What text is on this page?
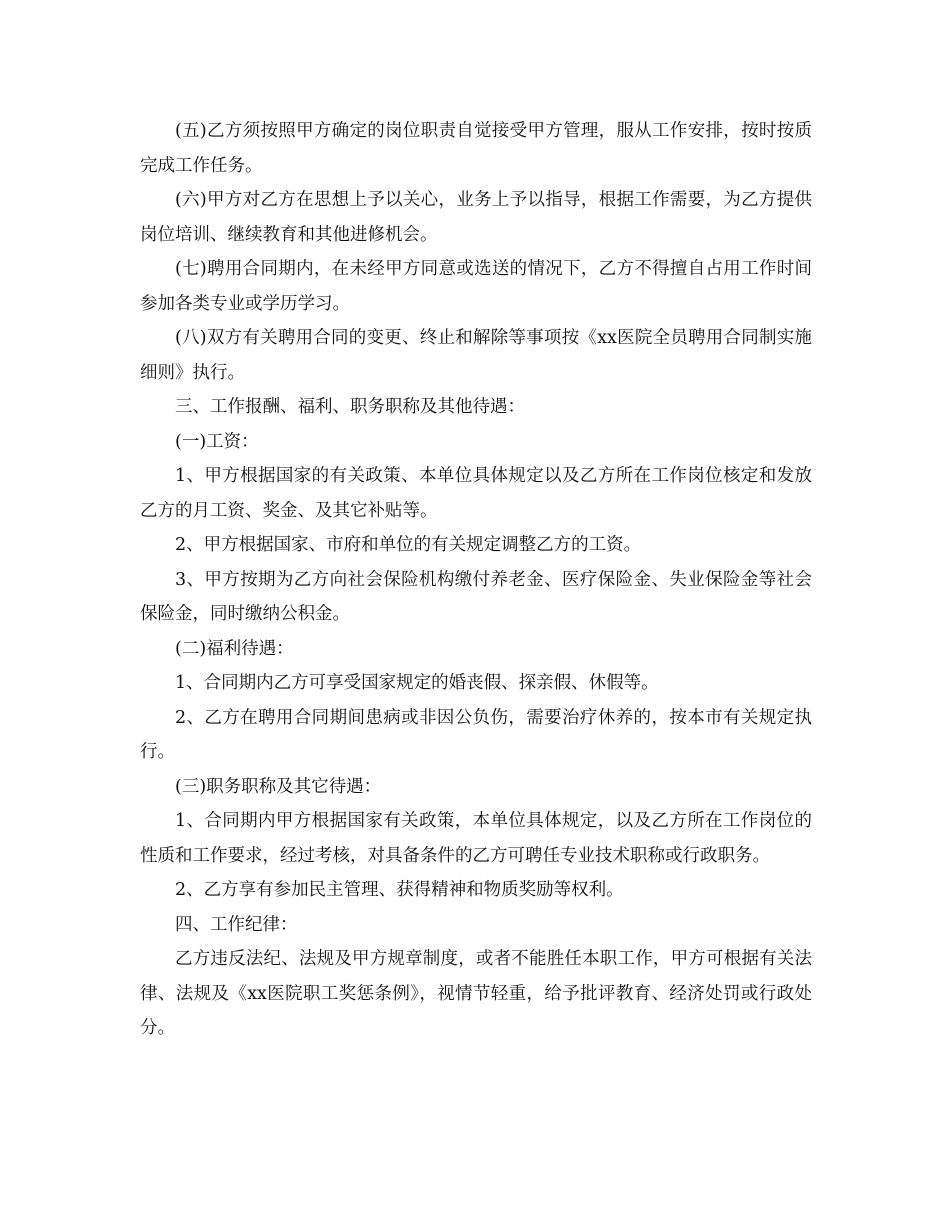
(五)乙方须按照甲方确定的岗位职责自觉接受甲方管理，服从工作安排，按时按质完成工作任务。

(六)甲方对乙方在思想上予以关心，业务上予以指导，根据工作需要，为乙方提供岗位培训、继续教育和其他进修机会。

(七)聘用合同期内，在未经甲方同意或选送的情况下，乙方不得擅自占用工作时间参加各类专业或学历学习。

(八)双方有关聘用合同的变更、终止和解除等事项按《xx医院全员聘用合同制实施细则》执行。

三、工作报酬、福利、职务职称及其他待遇：

(一)工资：

1、甲方根据国家的有关政策、本单位具体规定以及乙方所在工作岗位核定和发放乙方的月工资、奖金、及其它补贴等。

2、甲方根据国家、市府和单位的有关规定调整乙方的工资。

3、甲方按期为乙方向社会保险机构缴付养老金、医疗保险金、失业保险金等社会保险金，同时缴纳公积金。

(二)福利待遇：

1、合同期内乙方可享受国家规定的婚丧假、探亲假、休假等。

2、乙方在聘用合同期间患病或非因公负伤，需要治疗休养的，按本市有关规定执行。

(三)职务职称及其它待遇：

1、合同期内甲方根据国家有关政策，本单位具体规定，以及乙方所在工作岗位的性质和工作要求，经过考核，对具备条件的乙方可聘任专业技术职称或行政职务。

2、乙方享有参加民主管理、获得精神和物质奖励等权利。

四、工作纪律：

乙方违反法纪、法规及甲方规章制度，或者不能胜任本职工作，甲方可根据有关法律、法规及《xx医院职工奖惩条例》，视情节轻重，给予批评教育、经济处罚或行政处分。
